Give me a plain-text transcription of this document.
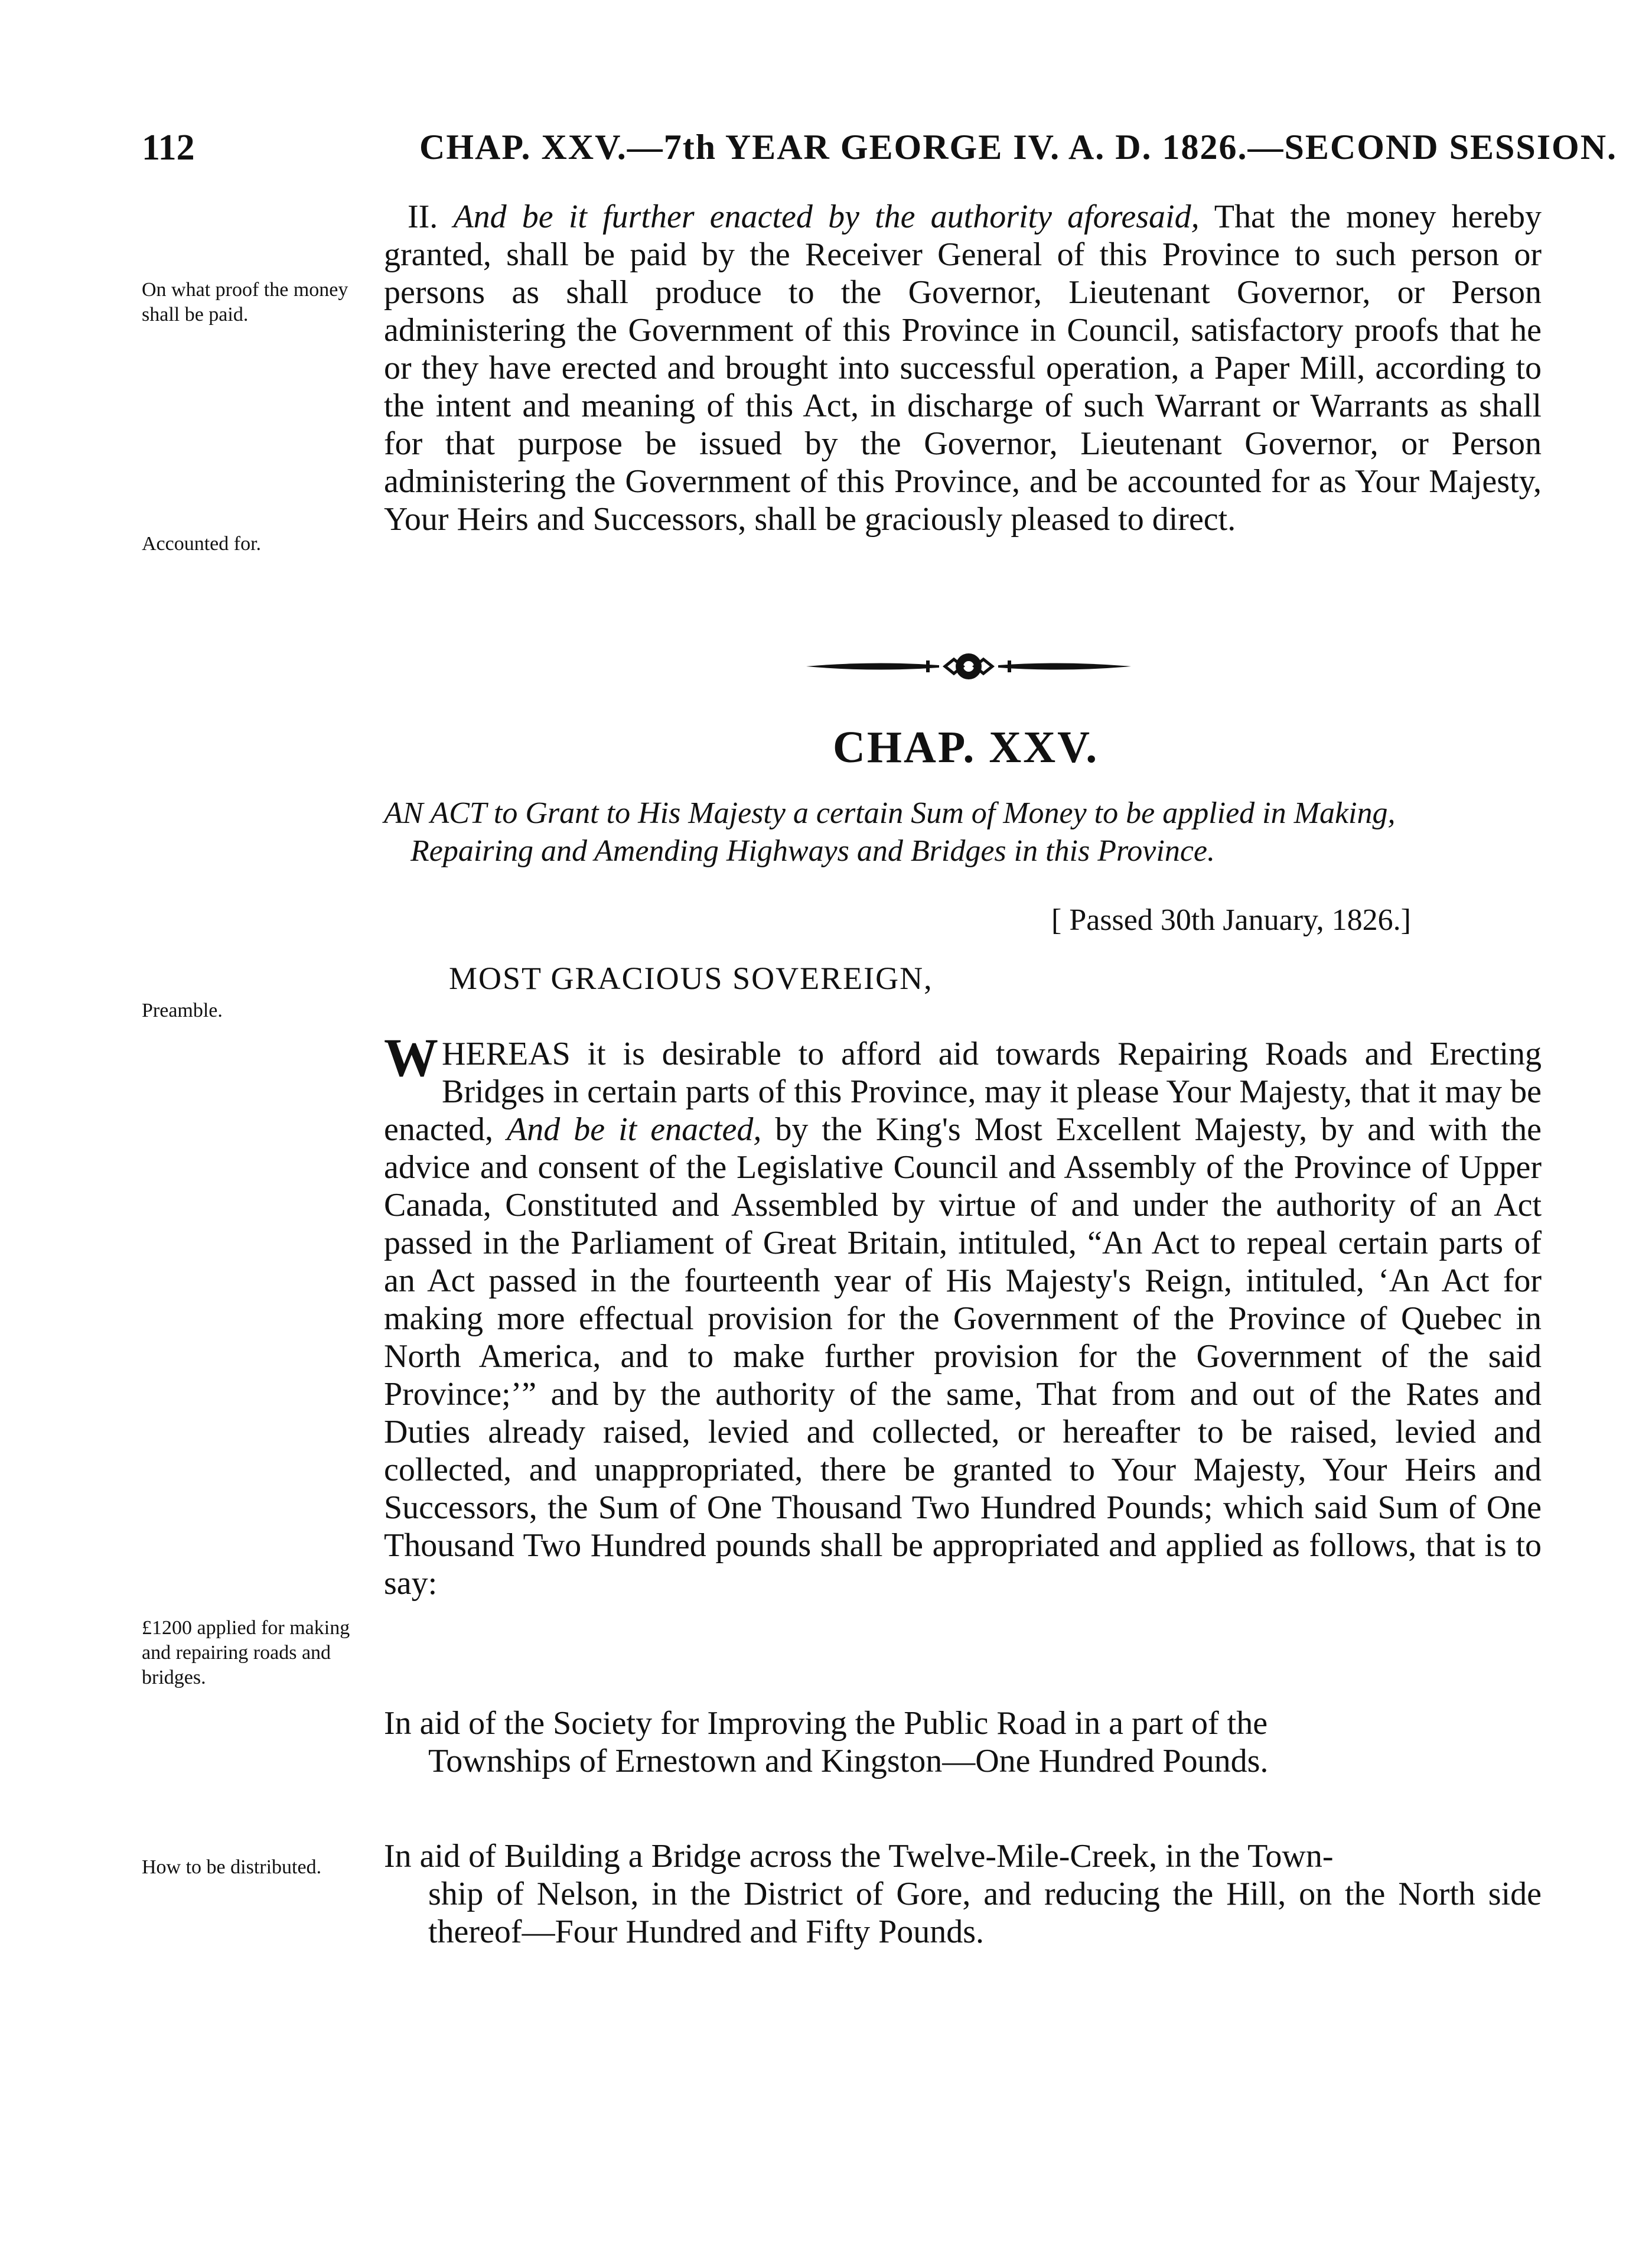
112	CHAP. XXV.—7th YEAR GEORGE IV. A. D. 1826.—SECOND SESSION.

II. And be it further enacted by the authority aforesaid, That the money hereby granted, shall be paid by the Receiver General of this Province to such person or persons as shall produce to the Governor, Lieutenant Governor, or Person administering the Government of this Province in Council, satisfactory proofs that he or they have erected and brought into successful operation, a Paper Mill, according to the intent and meaning of this Act, in discharge of such Warrant or Warrants as shall for that purpose be issued by the Governor, Lieutenant Governor, or Person administering the Government of this Province, and be accounted for as Your Majesty, Your Heirs and Successors, shall be graciously pleased to direct.

On what proof the money shall be paid.
Accounted for.
Preamble.
£1200 applied for making and repairing roads and bridges.
How to be distributed.
CHAP. XXV.

AN ACT to Grant to His Majesty a certain Sum of Money to be applied in Making,

Repairing and Amending Highways and Bridges in this Province.

[ Passed 30th January, 1826.]
MOST GRACIOUS SOVEREIGN,

WHEREAS it is desirable to afford aid towards Repairing Roads and Erecting Bridges in certain parts of this Province, may it please Your Majesty, that it may be enacted, And be it enacted, by the King's Most Excellent Majesty, by and with the advice and consent of the Legislative Council and Assembly of the Province of Upper Canada, Constituted and Assembled by virtue of and under the authority of an Act passed in the Parliament of Great Britain, intituled, “An Act to repeal certain parts of an Act passed in the fourteenth year of His Majesty's Reign, intituled, ‘An Act for making more effectual provision for the Government of the Province of Quebec in North America, and to make further provision for the Government of the said Province;’” and by the authority of the same, That from and out of the Rates and Duties already raised, levied and collected, or hereafter to be raised, levied and collected, and unappropriated, there be granted to Your Majesty, Your Heirs and Successors, the Sum of One Thousand Two Hundred Pounds; which said Sum of One Thousand Two Hundred pounds shall be appropriated and applied as follows, that is to say:

In aid of the Society for Improving the Public Road in a part of the

Townships of Ernestown and Kingston—One Hundred Pounds.

In aid of Building a Bridge across the Twelve-Mile-Creek, in the Town-

ship of Nelson, in the District of Gore, and reducing the Hill, on the North side thereof—Four Hundred and Fifty Pounds.
